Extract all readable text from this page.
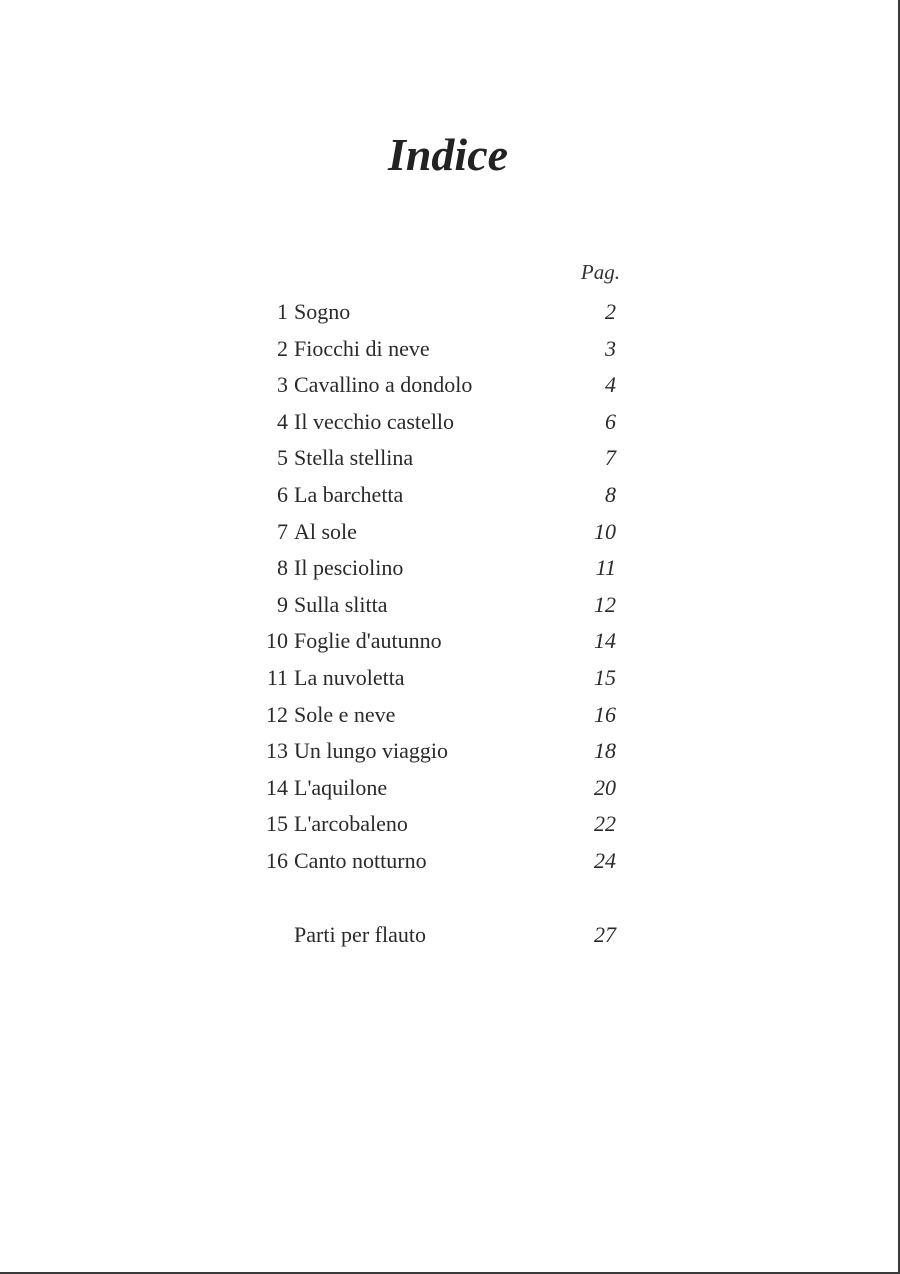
Indice
Pag.
1 Sogno	2
2 Fiocchi di neve	3
3 Cavallino a dondolo	4
4 Il vecchio castello	6
5 Stella stellina	7
6 La barchetta	8
7 Al sole	10
8 Il pesciolino	11
9 Sulla slitta	12
10 Foglie d'autunno	14
11 La nuvoletta	15
12 Sole e neve	16
13 Un lungo viaggio	18
14 L'aquilone	20
15 L'arcobaleno	22
16 Canto notturno	24
Parti per flauto	27
